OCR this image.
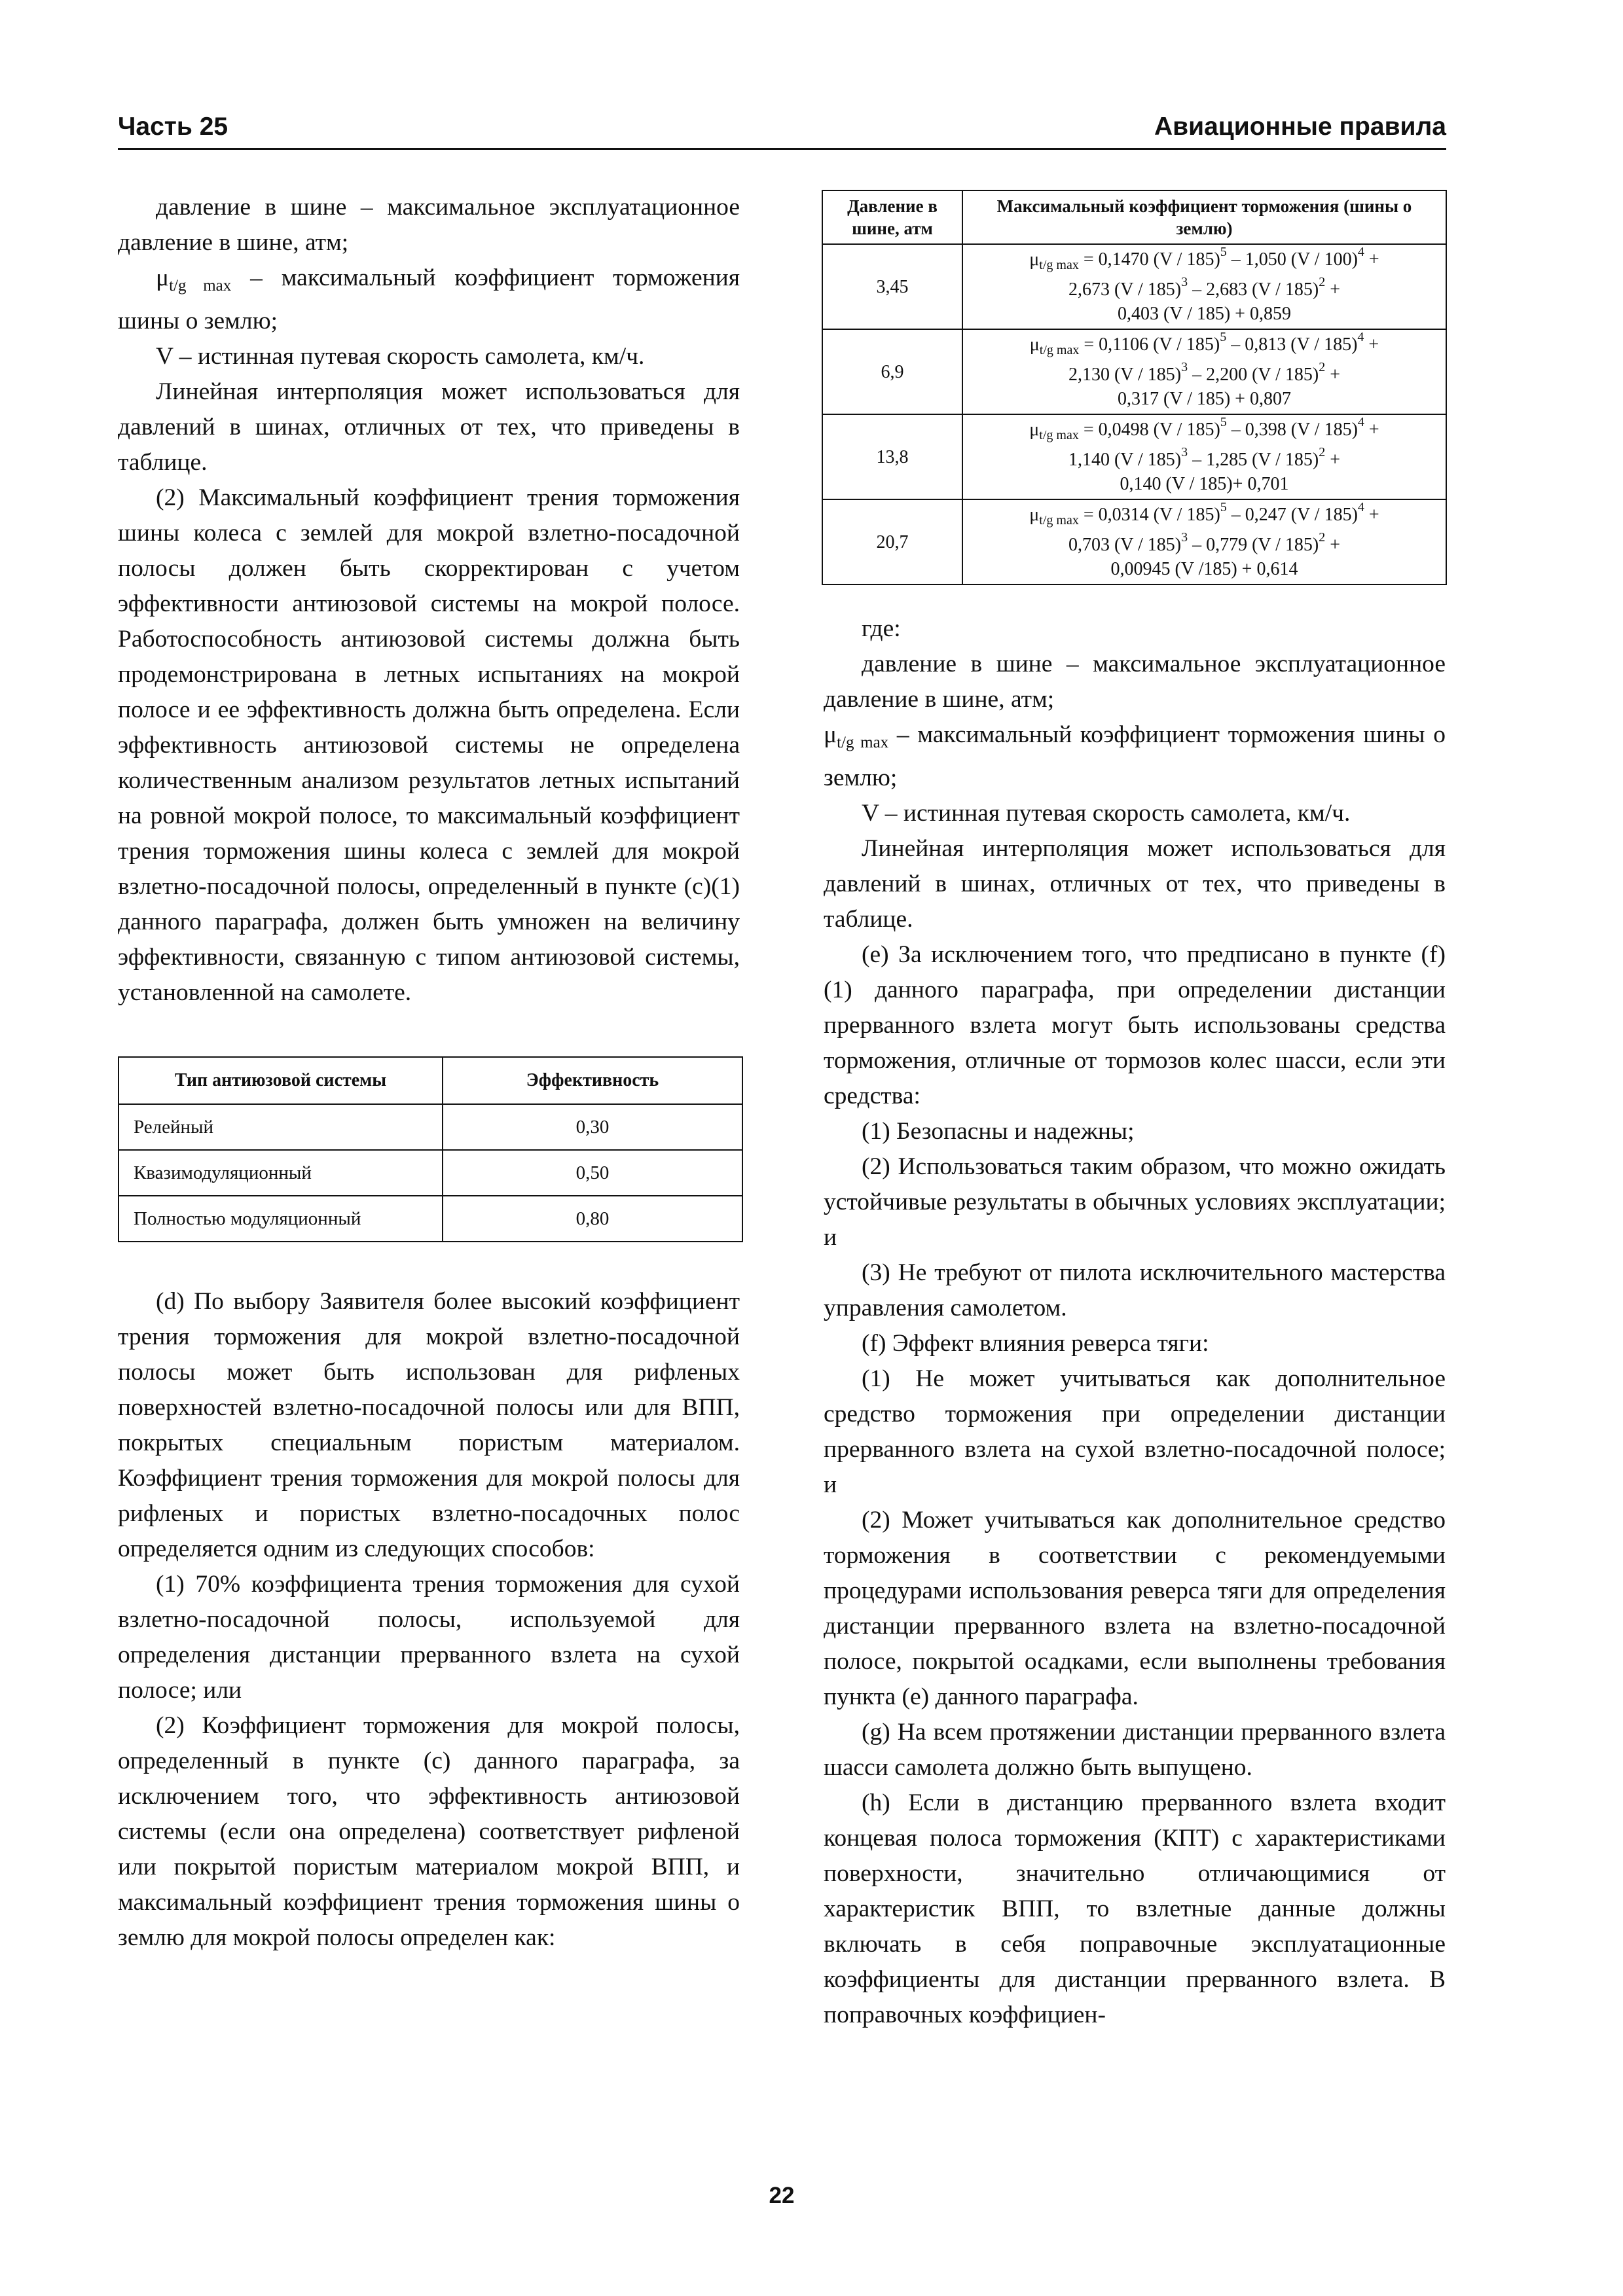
Часть 25	Авиационные правила

давление в шине – максимальное эксплуатационное давление в шине, атм;

$\mu_{t/g max}$ – максимальный коэффициент торможения шины о землю;

V – истинная путевая скорость самолета, км/ч.

Линейная интерполяция может использоваться для давлений в шинах, отличных от тех, что приведены в таблице.

(2) Максимальный коэффициент трения торможения шины колеса с землей для мокрой взлетно-посадочной полосы должен быть скорректирован с учетом эффективности антиюзовой системы на мокрой полосе. Работоспособность антиюзовой системы должна быть продемонстрирована в летных испытаниях на мокрой полосе и ее эффективность должна быть определена. Если эффективность антиюзовой системы не определена количественным анализом результатов летных испытаний на ровной мокрой полосе, то максимальный коэффициент трения торможения шины колеса с землей для мокрой взлетно-посадочной полосы, определенный в пункте (с)(1) данного параграфа, должен быть умножен на величину эффективности, связанную с типом антиюзовой системы, установленной на самолете.

Тип антиюзовой системы	Эффективность
Релейный	0,30
Квазимодуляционный	0,50
Полностью модуляционный	0,80

(d) По выбору Заявителя более высокий коэффициент трения торможения для мокрой взлетно-посадочной полосы может быть использован для рифленых поверхностей взлетно-посадочной полосы или для ВПП, покрытых специальным пористым материалом. Коэффициент трения торможения для мокрой полосы для рифленых и пористых взлетно-посадочных полос определяется одним из следующих способов:

(1) 70% коэффициента трения торможения для сухой взлетно-посадочной полосы, используемой для определения дистанции прерванного взлета на сухой полосе; или

(2) Коэффициент торможения для мокрой полосы, определенный в пункте (с) данного параграфа, за исключением того, что эффективность антиюзовой системы (если она определена) соответствует рифленой или покрытой пористым материалом мокрой ВПП, и максимальный коэффициент трения торможения шины о землю для мокрой полосы определен как:

Давление в шине, атм	Максимальный коэффициент торможения (шины о землю)
3,45	$\mu_{t/g max} = 0,1470$ (V / 185)$^5$ – 1,050 (V / 100)$^4$ +
2,673 (V / 185)$^3$ – 2,683 (V / 185)$^2$ +
0,403 (V / 185) + 0,859

6,9	$\mu_{t/g max} = 0,1106$ (V / 185)$^5$ – 0,813 (V / 185)$^4$ +
2,130 (V / 185)$^3$ – 2,200 (V / 185)$^2$ +
0,317 (V / 185) + 0,807

13,8	$\mu_{t/g max} = 0,0498$ (V / 185)$^5$ – 0,398 (V / 185)$^4$ +
1,140 (V / 185)$^3$ – 1,285 (V / 185)$^2$ +
0,140 (V / 185)+ 0,701

20,7	$\mu_{t/g max} = 0,0314$ (V / 185)$^5$ – 0,247 (V / 185)$^4$ +
0,703 (V / 185)$^3$ – 0,779 (V / 185)$^2$ +
0,00945 (V /185) + 0,614

где:

давление в шине – максимальное эксплуатационное давление в шине, атм;

$\mu_{t/g max}$ – максимальный коэффициент торможения шины о землю;

V – истинная путевая скорость самолета, км/ч.

Линейная интерполяция может использоваться для давлений в шинах, отличных от тех, что приведены в таблице.

(е) За исключением того, что предписано в пункте (f)(1) данного параграфа, при определении дистанции прерванного взлета могут быть использованы средства торможения, отличные от тормозов колес шасси, если эти средства:

(1) Безопасны и надежны;

(2) Использоваться таким образом, что можно ожидать устойчивые результаты в обычных условиях эксплуатации; и

(3) Не требуют от пилота исключительного мастерства управления самолетом.

(f) Эффект влияния реверса тяги:

(1) Не может учитываться как дополнительное средство торможения при определении дистанции прерванного взлета на сухой взлетно-посадочной полосе; и

(2) Может учитываться как дополнительное средство торможения в соответствии с рекомендуемыми процедурами использования реверса тяги для определения дистанции прерванного взлета на взлетно-посадочной полосе, покрытой осадками, если выполнены требования пункта (е) данного параграфа.

(g) На всем протяжении дистанции прерванного взлета шасси самолета должно быть выпущено.

(h) Если в дистанцию прерванного взлета входит концевая полоса торможения (КПТ) с характеристиками поверхности, значительно отличающимися от характеристик ВПП, то взлетные данные должны включать в себя поправочные эксплуатационные коэффициенты для дистанции прерванного взлета. В поправочных коэффициен-

22
